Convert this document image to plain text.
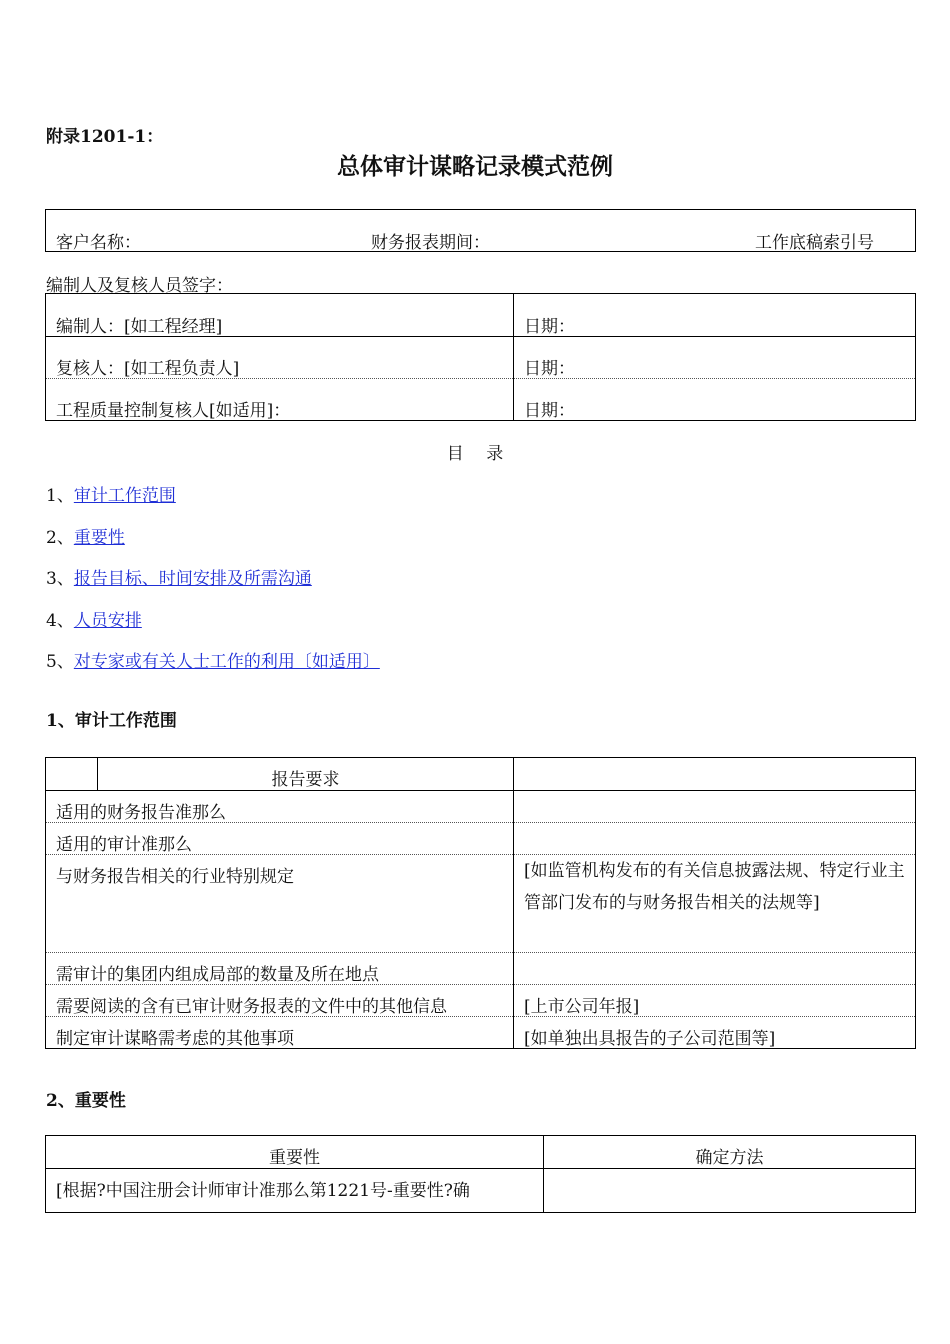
附录1201-1：
总体审计谋略记录模式范例
客户名称：	财务报表期间：	工作底稿索引号
编制人及复核人员签字：
编制人：[如工程经理]	日期：
复核人：[如工程负责人]	日期：
工程质量控制复核人[如适用]：	日期：
目　 录
1、审计工作范围
2、重要性
3、报告目标、时间安排及所需沟通
4、人员安排
5、对专家或有关人士工作的利用〔如适用〕
1、审计工作范围
报告要求
适用的财务报告准那么
适用的审计准那么
与财务报告相关的行业特别规定	[如监管机构发布的有关信息披露法规、特定行业主管部门发布的与财务报告相关的法规等]
需审计的集团内组成局部的数量及所在地点
需要阅读的含有已审计财务报表的文件中的其他信息	[上市公司年报]
制定审计谋略需考虑的其他事项	[如单独出具报告的子公司范围等]
2、重要性
重要性	确定方法
[根据?中国注册会计师审计准那么第1221号-重要性?确
